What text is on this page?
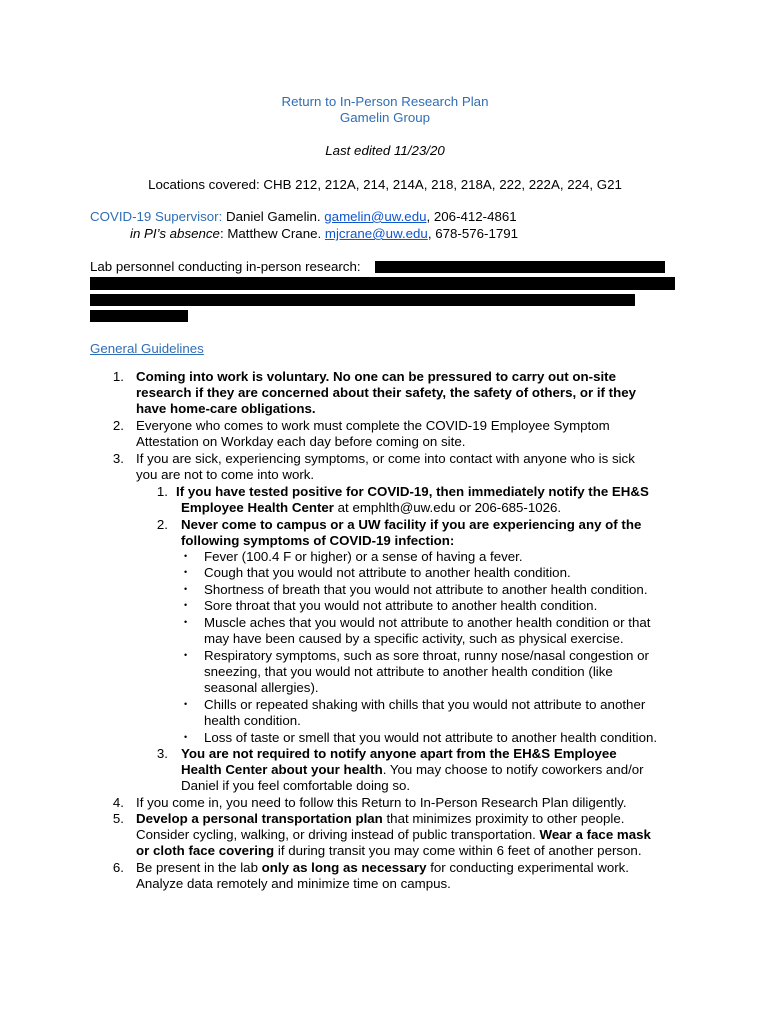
Return to In-Person Research Plan
Gamelin Group
Last edited 11/23/20
Locations covered: CHB 212, 212A, 214, 214A, 218, 218A, 222, 222A, 224, G21
COVID-19 Supervisor: Daniel Gamelin. gamelin@uw.edu, 206-412-4861
in PI’s absence: Matthew Crane. mjcrane@uw.edu, 678-576-1791
Lab personnel conducting in-person research:
General Guidelines
1. Coming into work is voluntary. No one can be pressured to carry out on-site
research if they are concerned about their safety, the safety of others, or if they
have home-care obligations.
2. Everyone who comes to work must complete the COVID-19 Employee Symptom
Attestation on Workday each day before coming on site.
3. If you are sick, experiencing symptoms, or come into contact with anyone who is sick
you are not to come into work.
1. If you have tested positive for COVID-19, then immediately notify the EH&S
Employee Health Center at emphlth@uw.edu or 206-685-1026.
2. Never come to campus or a UW facility if you are experiencing any of the
following symptoms of COVID-19 infection:
• Fever (100.4 F or higher) or a sense of having a fever.
• Cough that you would not attribute to another health condition.
• Shortness of breath that you would not attribute to another health condition.
• Sore throat that you would not attribute to another health condition.
• Muscle aches that you would not attribute to another health condition or that
may have been caused by a specific activity, such as physical exercise.
• Respiratory symptoms, such as sore throat, runny nose/nasal congestion or
sneezing, that you would not attribute to another health condition (like
seasonal allergies).
• Chills or repeated shaking with chills that you would not attribute to another
health condition.
• Loss of taste or smell that you would not attribute to another health condition.
3. You are not required to notify anyone apart from the EH&S Employee
Health Center about your health. You may choose to notify coworkers and/or
Daniel if you feel comfortable doing so.
4. If you come in, you need to follow this Return to In-Person Research Plan diligently.
5. Develop a personal transportation plan that minimizes proximity to other people.
Consider cycling, walking, or driving instead of public transportation. Wear a face mask
or cloth face covering if during transit you may come within 6 feet of another person.
6. Be present in the lab only as long as necessary for conducting experimental work.
Analyze data remotely and minimize time on campus.
